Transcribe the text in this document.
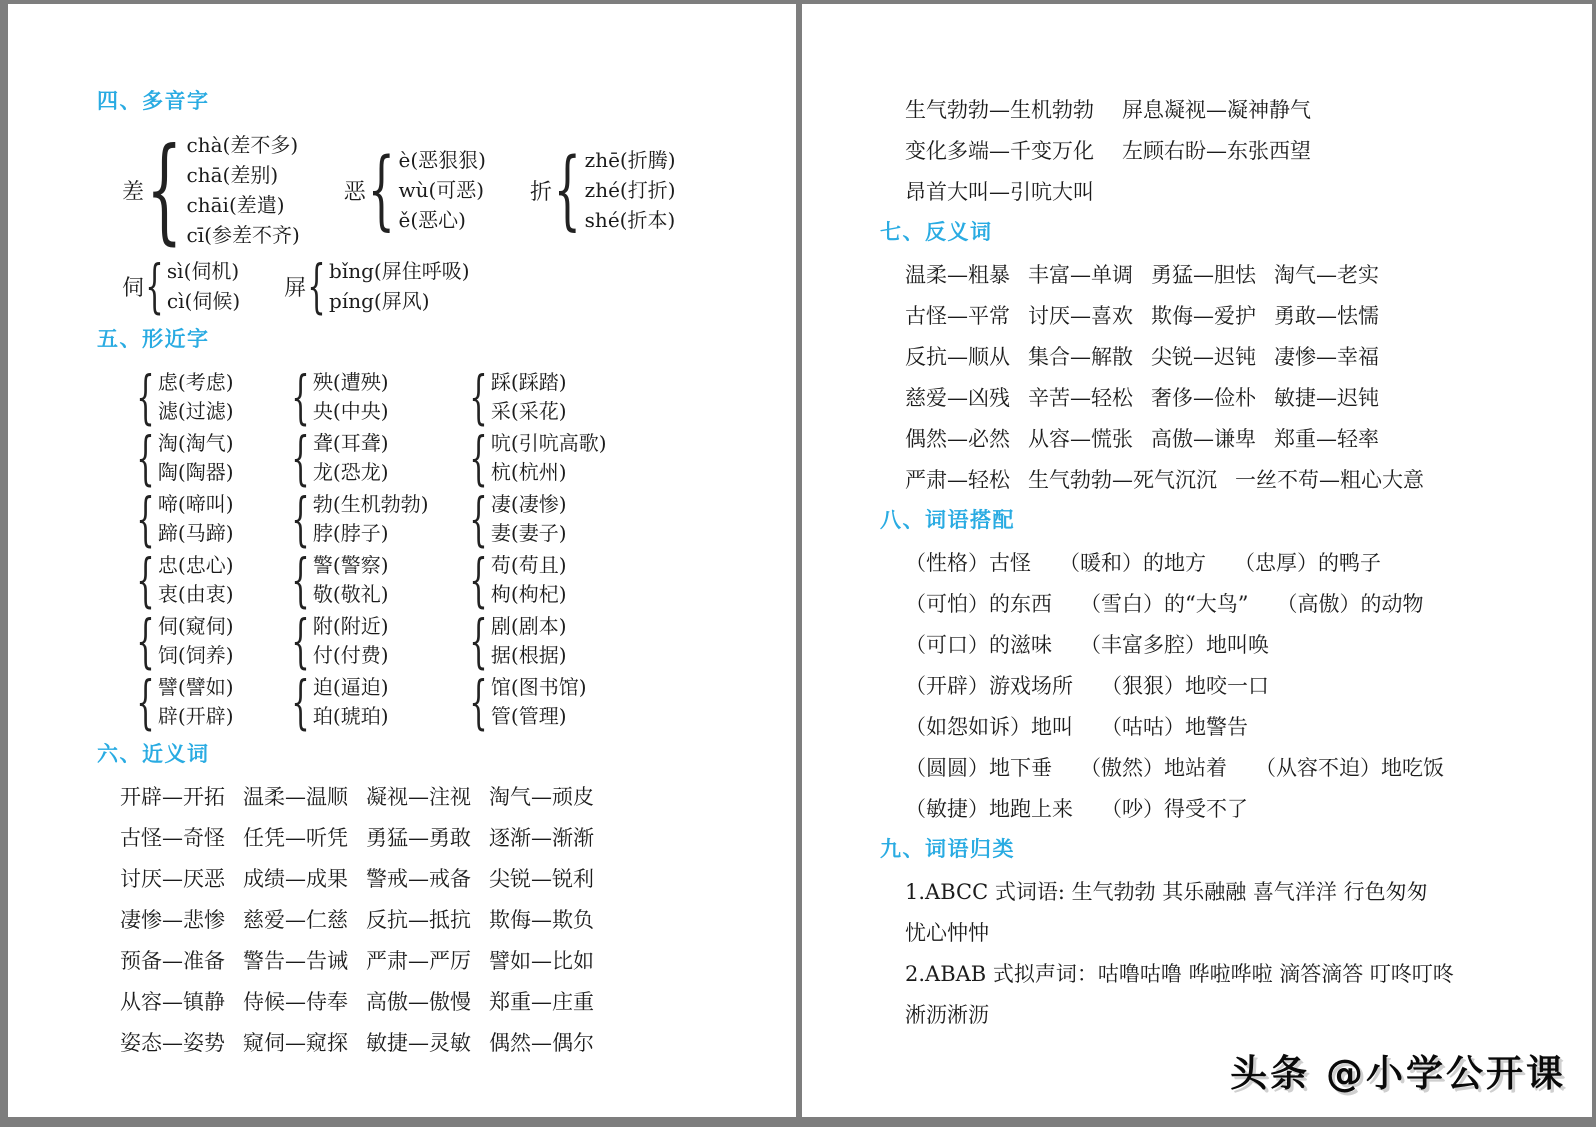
四、多音字
差 { chà(差不多)
chā(差别)
chāi(差遣)
cī(参差不齐)
恶 { è(恶狠狠)
wù(可恶)
ě(恶心)
折 { zhē(折腾)
zhé(打折)
shé(折本)
伺 { sì(伺机)
cì(伺候)
屏 { bǐng(屏住呼吸)
píng(屏风)
五、形近字
{ 虑(考虑)
滤(过滤) { 殃(遭殃)
央(中央) { 踩(踩踏)
采(采花)
{ 淘(淘气)
陶(陶器) { 聋(耳聋)
龙(恐龙) { 吭(引吭高歌)
杭(杭州)
{ 啼(啼叫)
蹄(马蹄) { 勃(生机勃勃)
脖(脖子)	{ 凄(凄惨)
妻(妻子)
{ 忠(忠心)
衷(由衷) { 警(警察)
敬(敬礼) { 苟(苟且)
枸(枸杞)
{ 伺(窥伺)
饲(饲养) { 附(附近)
付(付费) { 剧(剧本)
据(根据)
{ 譬(譬如)
辟(开辟) { 迫(逼迫)
珀(琥珀) { 馆(图书馆)
管(管理)
六、近义词
开辟—开拓 温柔—温顺 凝视—注视 淘气—顽皮
古怪—奇怪 任凭—听凭 勇猛—勇敢 逐渐—渐渐
讨厌—厌恶 成绩—成果 警戒—戒备 尖锐—锐利
凄惨—悲惨 慈爱—仁慈 反抗—抵抗 欺侮—欺负
预备—准备 警告—告诫 严肃—严厉 譬如—比如
从容—镇静 侍候—侍奉 高傲—傲慢 郑重—庄重
姿态—姿势 窥伺—窥探 敏捷—灵敏 偶然—偶尔
生气勃勃—生机勃勃 屏息凝视—凝神静气
变化多端—千变万化 左顾右盼—东张西望
昂首大叫—引吭大叫
七、反义词
温柔—粗暴 丰富—单调 勇猛—胆怯 淘气—老实
古怪—平常 讨厌—喜欢 欺侮—爱护 勇敢—怯懦
反抗—顺从 集合—解散 尖锐—迟钝 凄惨—幸福
慈爱—凶残 辛苦—轻松 奢侈—俭朴 敏捷—迟钝
偶然—必然 从容—慌张 高傲—谦卑 郑重—轻率
严肃—轻松 生气勃勃—死气沉沉 一丝不苟—粗心大意
八、词语搭配
（性格）古怪 （暖和）的地方 （忠厚）的鸭子
（可怕）的东西 （雪白）的“大鸟” （高傲）的动物
（可口）的滋味 （丰富多腔）地叫唤
（开辟）游戏场所 （狠狠）地咬一口
（如怨如诉）地叫 （咕咕）地警告
（圆圆）地下垂 （傲然）地站着 （从容不迫）地吃饭
（敏捷）地跑上来 （吵）得受不了
九、词语归类
1.ABCC 式词语: 生气勃勃 其乐融融 喜气洋洋 行色匆匆
忧心忡忡
2.ABAB 式拟声词：咕噜咕噜 哗啦哗啦 滴答滴答 叮咚叮咚
淅沥淅沥
头条 @小学公开课
